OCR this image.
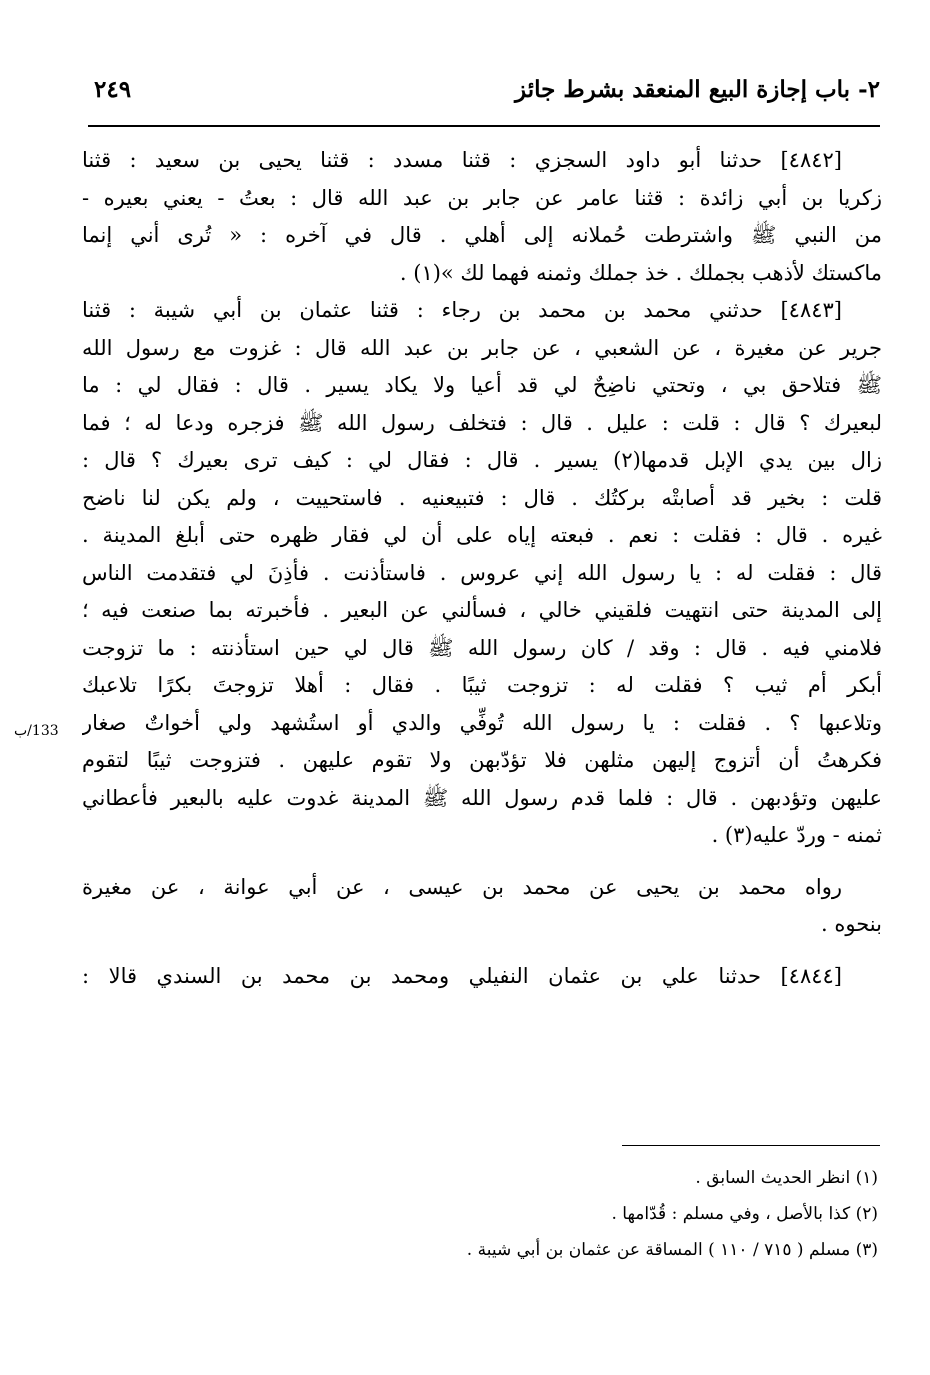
٢- باب إجازة البيع المنعقد بشرط جائز
٢٤٩
[٤٨٤٢] حدثنا أبو داود السجزي : قثنا مسدد : قثنا يحيى بن سعيد : قثنا
زكريا بن أبي زائدة : قثنا عامر عن جابر بن عبد الله قال : بعتُ - يعني بعيره -
من النبي ﷺ واشترطت حُملانه إلى أهلي . قال في آخره : « تُرى أني إنما
ماكستك لأذهب بجملك . خذ جملك وثمنه فهما لك »(١) .
[٤٨٤٣] حدثني محمد بن محمد بن رجاء : قثنا عثمان بن أبي شيبة : قثنا
جرير عن مغيرة ، عن الشعبي ، عن جابر بن عبد الله قال : غزوت مع رسول الله
ﷺ فتلاحق بي ، وتحتي ناضِحٌ لي قد أعيا ولا يكاد يسير . قال : فقال لي : ما
لبعيرك ؟ قال : قلت : عليل . قال : فتخلف رسول الله ﷺ فزجره ودعا له ؛ فما
زال بين يدي الإبل قدمها(٢) يسير . قال : فقال لي : كيف ترى بعيرك ؟ قال :
قلت : بخير قد أصابتْه بركتُك . قال : فتبيعنيه . فاستحييت ، ولم يكن لنا ناضح
غيره . قال : فقلت : نعم . فبعته إياه على أن لي فقار ظهره حتى أبلغ المدينة .
قال : فقلت له : يا رسول الله إني عروس . فاستأذنت . فأذِنَ لي فتقدمت الناس
إلى المدينة حتى انتهيت فلقيني خالي ، فسألني عن البعير . فأخبرته بما صنعت فيه ؛
فلامني فيه . قال : وقد / كان رسول الله ﷺ قال لي حين استأذنته : ما تزوجت
أبكر أم ثيب ؟ فقلت له : تزوجت ثيبًا . فقال : أهلا تزوجتَ بكرًا تلاعبك
وتلاعبها ؟ . فقلت : يا رسول الله تُوفِّي والدي أو استُشهد ولي أخواتٌ صغار
فكرهتُ أن أتزوج إليهن مثلهن فلا تؤدّبهن ولا تقوم عليهن . فتزوجت ثيبًا لتقوم
عليهن وتؤدبهن . قال : فلما قدم رسول الله ﷺ المدينة غدوت عليه بالبعير فأعطاني
ثمنه - وردّ عليه(٣) .
رواه محمد بن يحيى عن محمد بن عيسى ، عن أبي عوانة ، عن مغيرة
بنحوه .
[٤٨٤٤] حدثنا علي بن عثمان النفيلي ومحمد بن محمد بن السندي قالا :
133/ب
(١) انظر الحديث السابق .
(٢) كذا بالأصل ، وفي مسلم : قُدّامها .
(٣) مسلم ( ٧١٥ / ١١٠ ) المساقة عن عثمان بن أبي شيبة .
